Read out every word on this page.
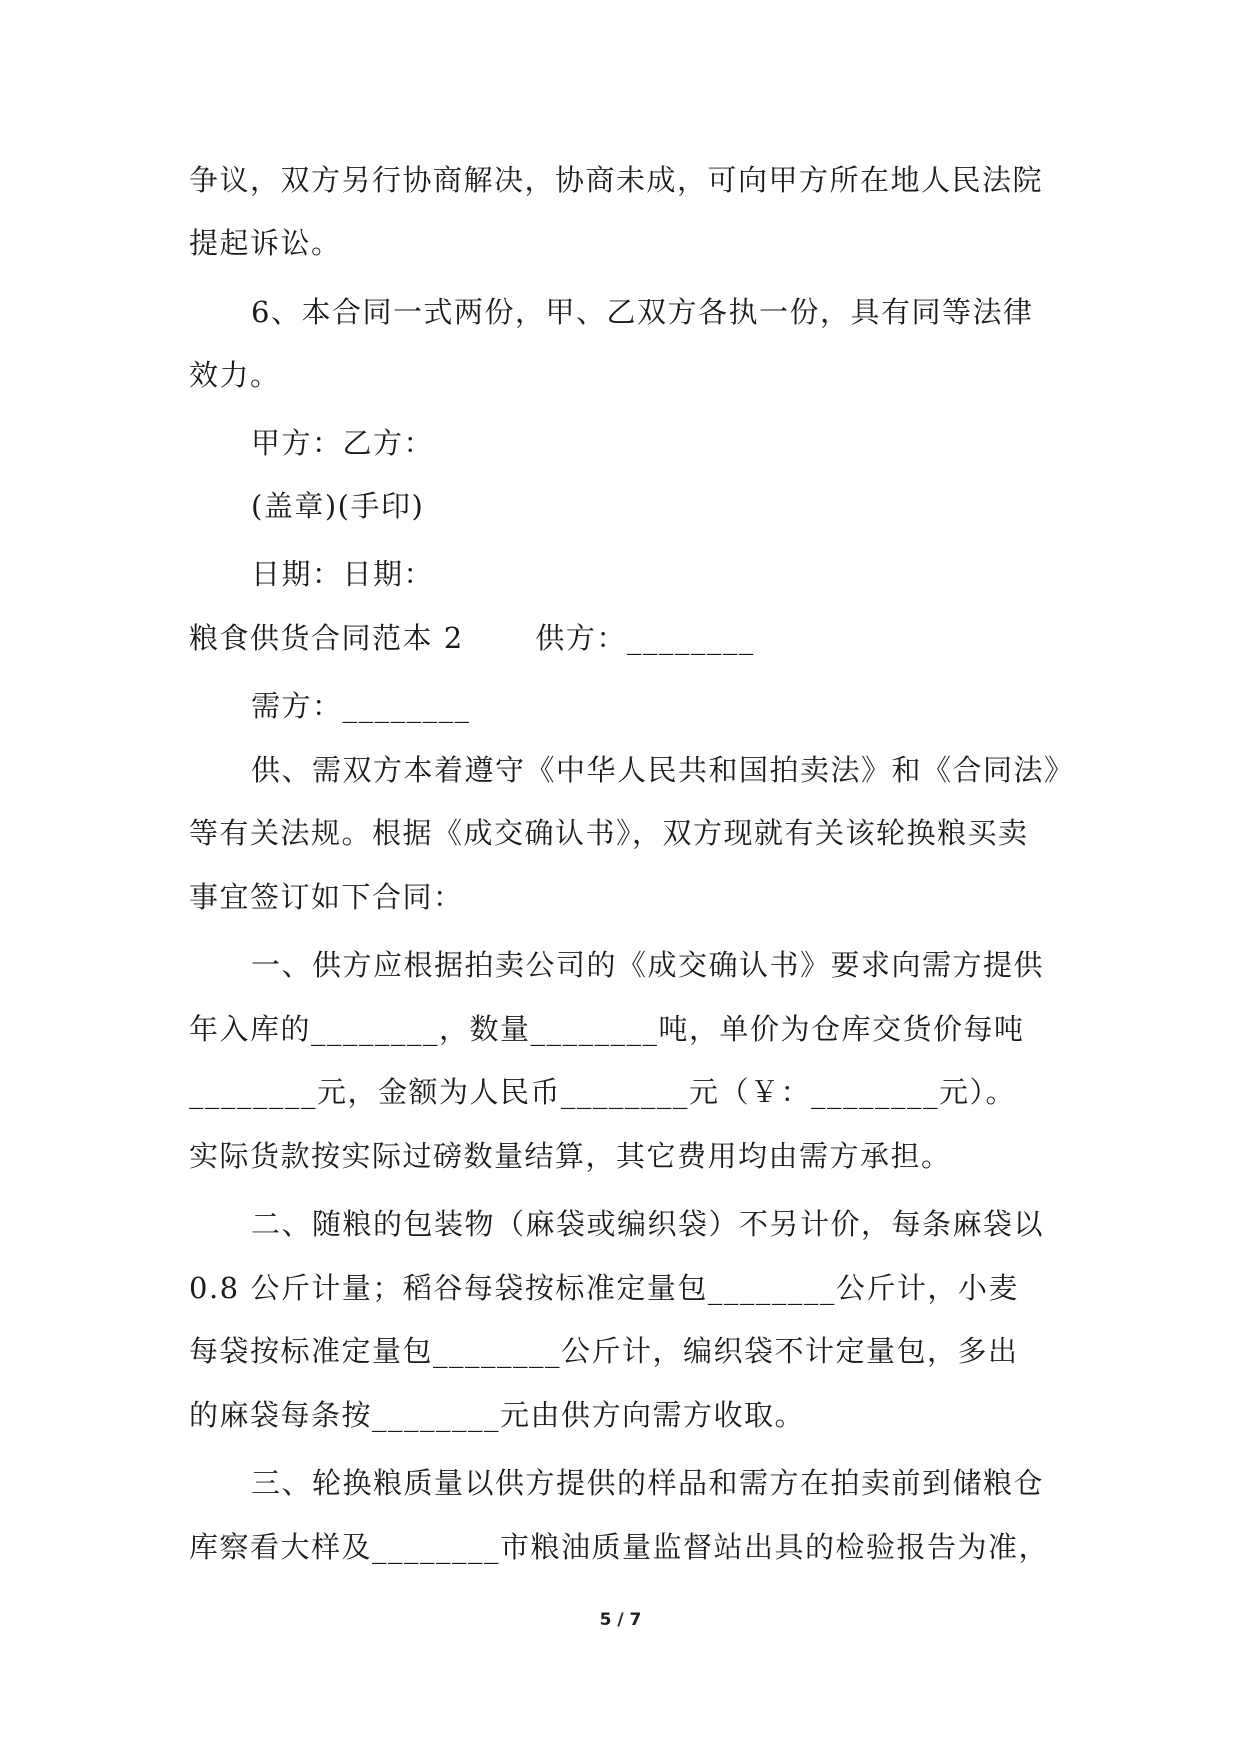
争议，双方另行协商解决，协商未成，可向甲方所在地人民法院
提起诉讼。
6、本合同一式两份，甲、乙双方各执一份，具有同等法律
效力。
甲方：乙方：
(盖章)(手印)
日期：日期：
粮食供货合同范本 2　　 供方：________
需方：________
供、需双方本着遵守《中华人民共和国拍卖法》和《合同法》
等有关法规。根据《成交确认书》，双方现就有关该轮换粮买卖
事宜签订如下合同：
一、供方应根据拍卖公司的《成交确认书》要求向需方提供
年入库的________，数量________吨，单价为仓库交货价每吨
________元，金额为人民币________元（￥：________元）。
实际货款按实际过磅数量结算，其它费用均由需方承担。
二、随粮的包装物（麻袋或编织袋）不另计价，每条麻袋以
0.8 公斤计量；稻谷每袋按标准定量包________公斤计，小麦
每袋按标准定量包________公斤计，编织袋不计定量包，多出
的麻袋每条按________元由供方向需方收取。
三、轮换粮质量以供方提供的样品和需方在拍卖前到储粮仓
库察看大样及________市粮油质量监督站出具的检验报告为准，
5 / 7
